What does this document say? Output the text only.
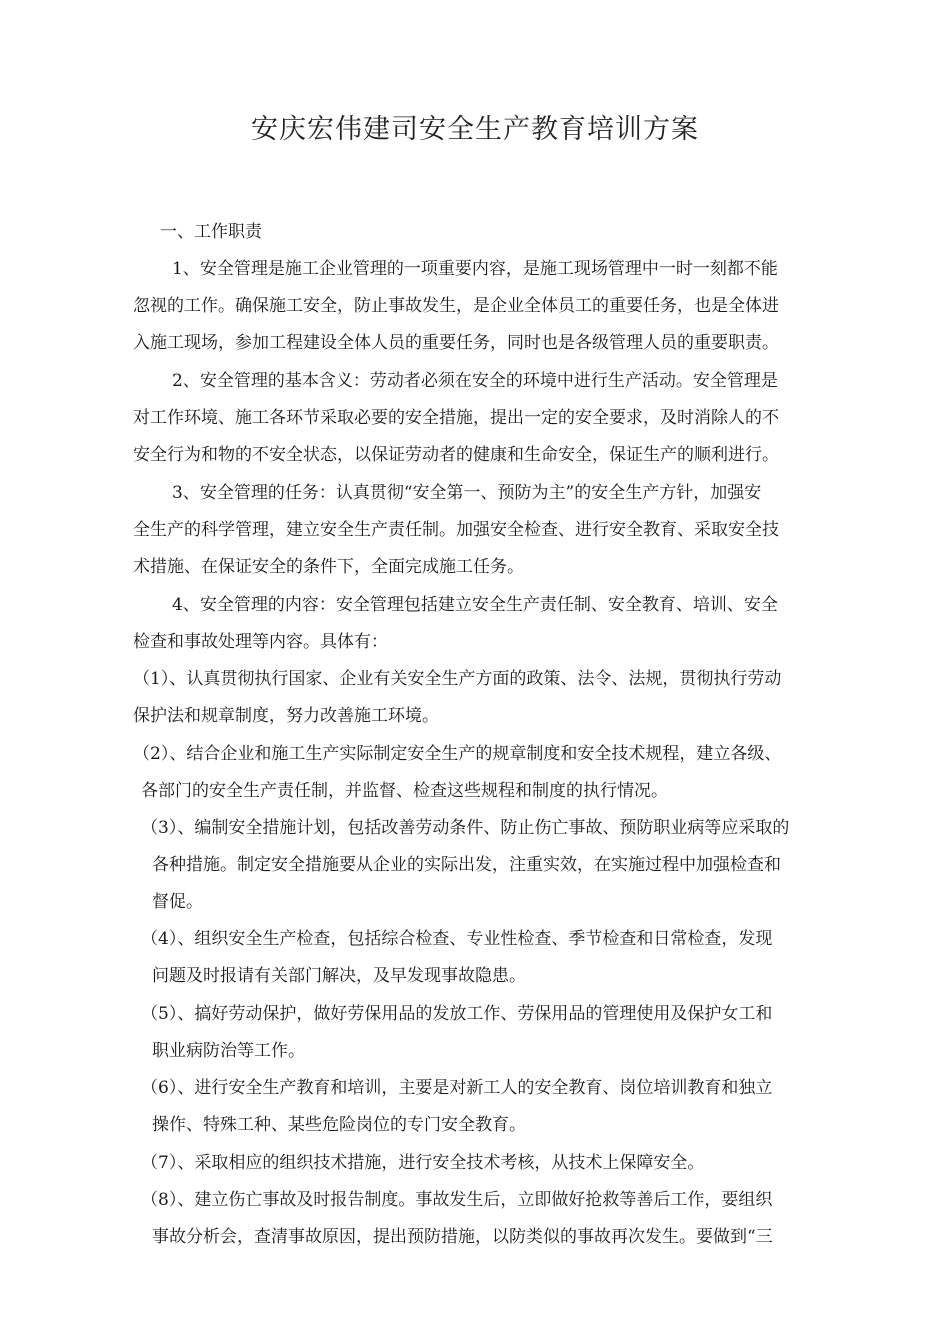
安庆宏伟建司安全生产教育培训方案
一、工作职责
1、安全管理是施工企业管理的一项重要内容，是施工现场管理中一时一刻都不能
忽视的工作。确保施工安全，防止事故发生，是企业全体员工的重要任务，也是全体进
入施工现场，参加工程建设全体人员的重要任务，同时也是各级管理人员的重要职责。
2、安全管理的基本含义：劳动者必须在安全的环境中进行生产活动。安全管理是
对工作环境、施工各环节采取必要的安全措施，提出一定的安全要求，及时消除人的不
安全行为和物的不安全状态，以保证劳动者的健康和生命安全，保证生产的顺利进行。
3、安全管理的任务：认真贯彻“安全第一、预防为主”的安全生产方针，加强安
全生产的科学管理，建立安全生产责任制。加强安全检查、进行安全教育、采取安全技
术措施、在保证安全的条件下，全面完成施工任务。
4、安全管理的内容：安全管理包括建立安全生产责任制、安全教育、培训、安全
检查和事故处理等内容。具体有：
（1）、认真贯彻执行国家、企业有关安全生产方面的政策、法令、法规，贯彻执行劳动
保护法和规章制度，努力改善施工环境。
（2）、结合企业和施工生产实际制定安全生产的规章制度和安全技术规程，建立各级、
各部门的安全生产责任制，并监督、检查这些规程和制度的执行情况。
（3）、编制安全措施计划，包括改善劳动条件、防止伤亡事故、预防职业病等应采取的
各种措施。制定安全措施要从企业的实际出发，注重实效，在实施过程中加强检查和
督促。
（4）、组织安全生产检查，包括综合检查、专业性检查、季节检查和日常检查，发现
问题及时报请有关部门解决，及早发现事故隐患。
（5）、搞好劳动保护，做好劳保用品的发放工作、劳保用品的管理使用及保护女工和
职业病防治等工作。
（6）、进行安全生产教育和培训，主要是对新工人的安全教育、岗位培训教育和独立
操作、特殊工种、某些危险岗位的专门安全教育。
（7）、采取相应的组织技术措施，进行安全技术考核，从技术上保障安全。
（8）、建立伤亡事故及时报告制度。事故发生后，立即做好抢救等善后工作，要组织
事故分析会，查清事故原因，提出预防措施，以防类似的事故再次发生。要做到“三
